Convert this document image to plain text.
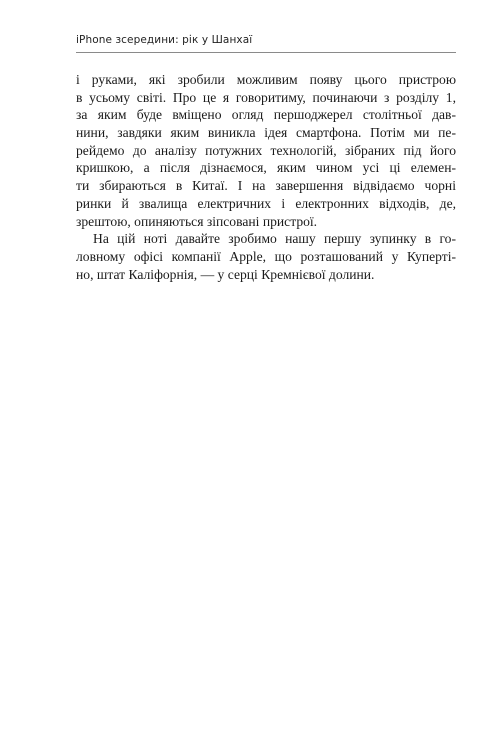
iPhone зсередини: рік у Шанхаї
і руками, які зробили можливим появу цього пристрою
в усьому світі. Про це я говоритиму, починаючи з розділу 1,
за яким буде вміщено огляд першоджерел столітньої дав-
нини, завдяки яким виникла ідея смартфона. Потім ми пе-
рейдемо до аналізу потужних технологій, зібраних під його
кришкою, а після дізнаємося, яким чином усі ці елемен-
ти збираються в Китаї. І на завершення відвідаємо чорні
ринки й звалища електричних і електронних відходів, де,
зрештою, опиняються зіпсовані пристрої.
На цій ноті давайте зробимо нашу першу зупинку в го-
ловному офісі компанії Apple, що розташований у Куперті-
но, штат Каліфорнія, — у серці Кремнієвої долини.
